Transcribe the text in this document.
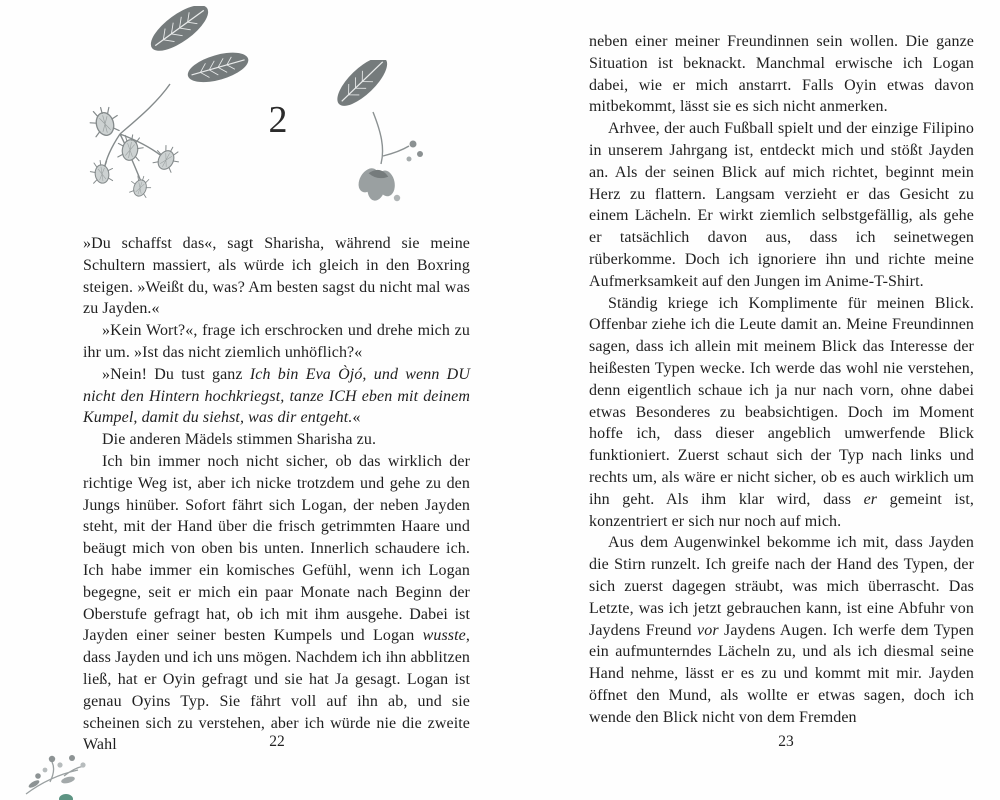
2

»Du schaffst das«, sagt Sharisha, während sie meine Schultern massiert, als würde ich gleich in den Boxring steigen. »Weißt du, was? Am besten sagst du nicht mal was zu Jayden.«

»Kein Wort?«, frage ich erschrocken und drehe mich zu ihr um. »Ist das nicht ziemlich unhöflich?«

»Nein! Du tust ganz Ich bin Eva Òjó, und wenn DU nicht den Hintern hochkriegst, tanze ICH eben mit deinem Kumpel, damit du siehst, was dir entgeht.«

Die anderen Mädels stimmen Sharisha zu.

Ich bin immer noch nicht sicher, ob das wirklich der richtige Weg ist, aber ich nicke trotzdem und gehe zu den Jungs hinüber. Sofort fährt sich Logan, der neben Jayden steht, mit der Hand über die frisch getrimmten Haare und beäugt mich von oben bis unten. Innerlich schaudere ich. Ich habe immer ein komisches Gefühl, wenn ich Logan begegne, seit er mich ein paar Monate nach Beginn der Oberstufe gefragt hat, ob ich mit ihm ausgehe. Dabei ist Jayden einer seiner besten Kumpels und Logan wusste, dass Jayden und ich uns mögen. Nachdem ich ihn abblitzen ließ, hat er Oyin gefragt und sie hat Ja gesagt. Logan ist genau Oyins Typ. Sie fährt voll auf ihn ab, und sie scheinen sich zu verstehen, aber ich würde nie die zweite Wahl

neben einer meiner Freundinnen sein wollen. Die ganze Situation ist beknackt. Manchmal erwische ich Logan dabei, wie er mich anstarrt. Falls Oyin etwas davon mitbekommt, lässt sie es sich nicht anmerken.

Arhvee, der auch Fußball spielt und der einzige Filipino in unserem Jahrgang ist, entdeckt mich und stößt Jayden an. Als der seinen Blick auf mich richtet, beginnt mein Herz zu flattern. Langsam verzieht er das Gesicht zu einem Lächeln. Er wirkt ziemlich selbstgefällig, als gehe er tatsächlich davon aus, dass ich seinetwegen rüberkomme. Doch ich ignoriere ihn und richte meine Aufmerksamkeit auf den Jungen im Anime-T-Shirt.

Ständig kriege ich Komplimente für meinen Blick. Offenbar ziehe ich die Leute damit an. Meine Freundinnen sagen, dass ich allein mit meinem Blick das Interesse der heißesten Typen wecke. Ich werde das wohl nie verstehen, denn eigentlich schaue ich ja nur nach vorn, ohne dabei etwas Besonderes zu beabsichtigen. Doch im Moment hoffe ich, dass dieser angeblich umwerfende Blick funktioniert. Zuerst schaut sich der Typ nach links und rechts um, als wäre er nicht sicher, ob es auch wirklich um ihn geht. Als ihm klar wird, dass er gemeint ist, konzentriert er sich nur noch auf mich.

Aus dem Augenwinkel bekomme ich mit, dass Jayden die Stirn runzelt. Ich greife nach der Hand des Typen, der sich zuerst dagegen sträubt, was mich überrascht. Das Letzte, was ich jetzt gebrauchen kann, ist eine Abfuhr von Jaydens Freund vor Jaydens Augen. Ich werfe dem Typen ein aufmunterndes Lächeln zu, und als ich diesmal seine Hand nehme, lässt er es zu und kommt mit mir. Jayden öffnet den Mund, als wollte er etwas sagen, doch ich wende den Blick nicht von dem Fremden

22	23
